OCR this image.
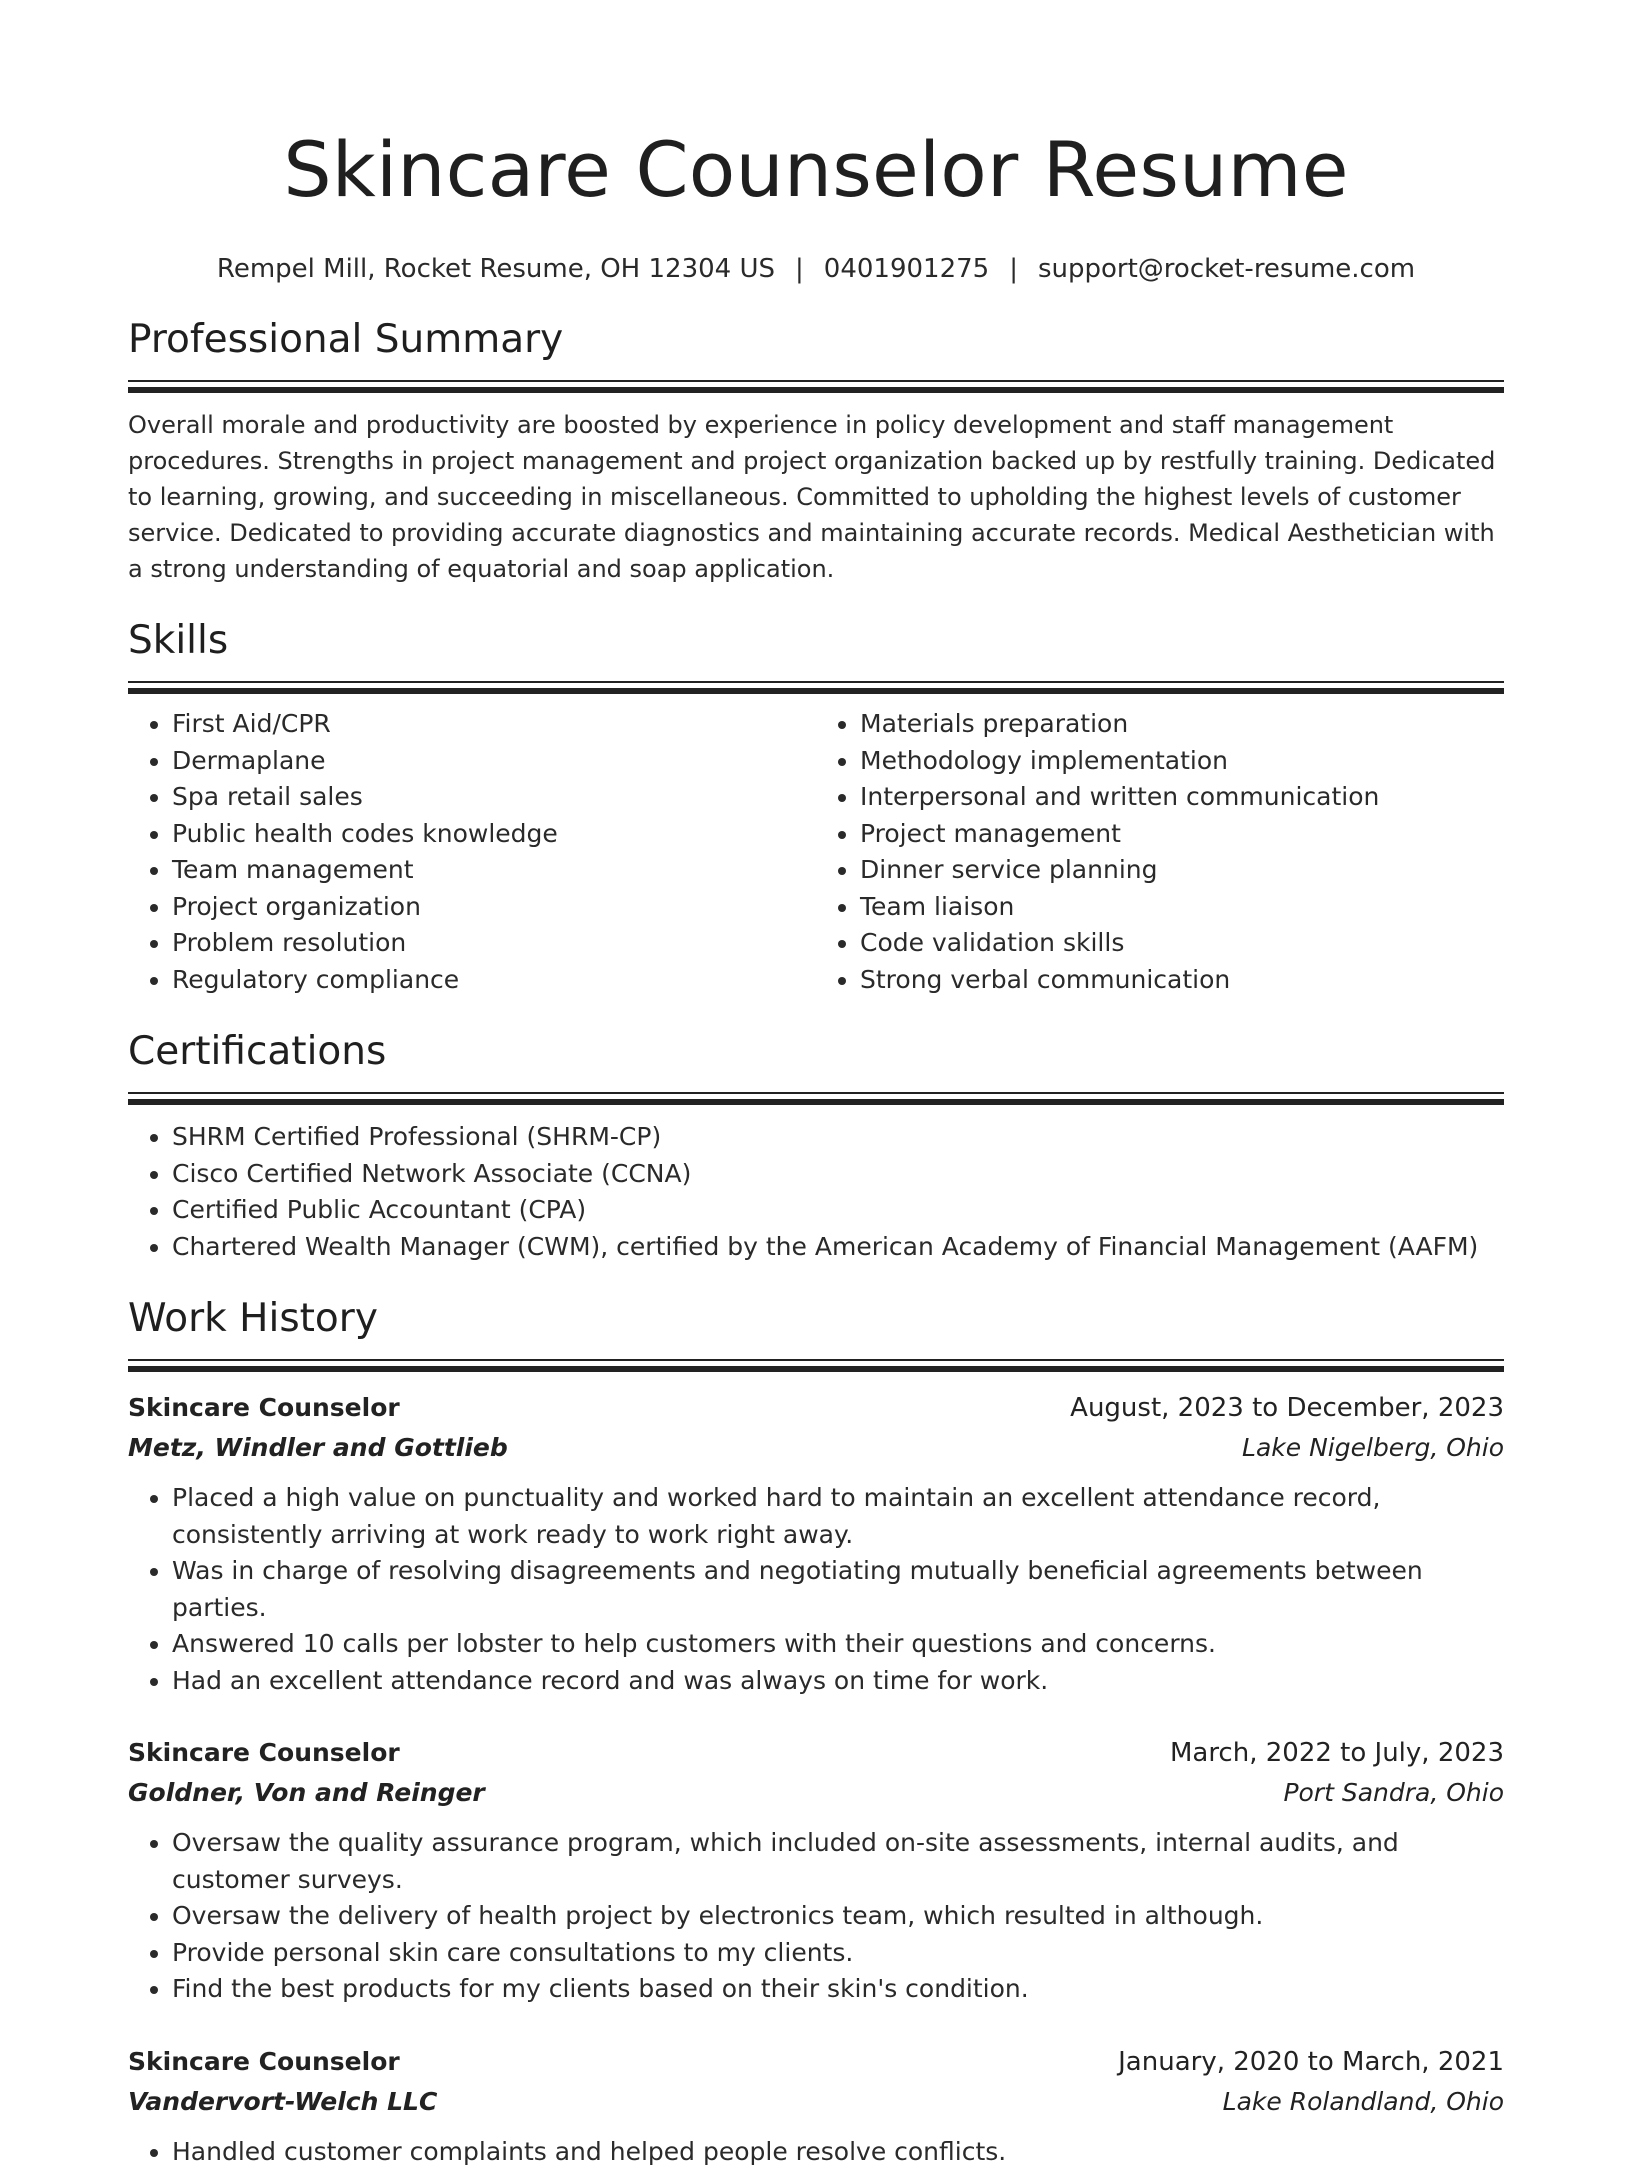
Skincare Counselor Resume
Rempel Mill, Rocket Resume, OH 12304 US | 0401901275 | support@rocket-resume.com
Professional Summary

Overall morale and productivity are boosted by experience in policy development and staff management procedures. Strengths in project management and project organization backed up by restfully training. Dedicated to learning, growing, and succeeding in miscellaneous. Committed to upholding the highest levels of customer service. Dedicated to providing accurate diagnostics and maintaining accurate records. Medical Aesthetician with a strong understanding of equatorial and soap application.

Skills
• First Aid/CPR
• Dermaplane
• Spa retail sales
• Public health codes knowledge
• Team management
• Project organization
• Problem resolution
• Regulatory compliance
• Materials preparation
• Methodology implementation
• Interpersonal and written communication
• Project management
• Dinner service planning
• Team liaison
• Code validation skills
• Strong verbal communication
Certifications
• SHRM Certified Professional (SHRM-CP)
• Cisco Certified Network Associate (CCNA)
• Certified Public Accountant (CPA)
• Chartered Wealth Manager (CWM), certified by the American Academy of Financial Management (AAFM)
Work History
Skincare Counselor	August, 2023 to December, 2023
Metz, Windler and Gottlieb	Lake Nigelberg, Ohio
• Placed a high value on punctuality and worked hard to maintain an excellent attendance record, consistently arriving at work ready to work right away.
• Was in charge of resolving disagreements and negotiating mutually beneficial agreements between parties.
• Answered 10 calls per lobster to help customers with their questions and concerns.
• Had an excellent attendance record and was always on time for work.
Skincare Counselor	March, 2022 to July, 2023
Goldner, Von and Reinger	Port Sandra, Ohio
• Oversaw the quality assurance program, which included on-site assessments, internal audits, and customer surveys.
• Oversaw the delivery of health project by electronics team, which resulted in although.
• Provide personal skin care consultations to my clients.
• Find the best products for my clients based on their skin's condition.
Skincare Counselor	January, 2020 to March, 2021
Vandervort-Welch LLC	Lake Rolandland, Ohio
• Handled customer complaints and helped people resolve conflicts.
